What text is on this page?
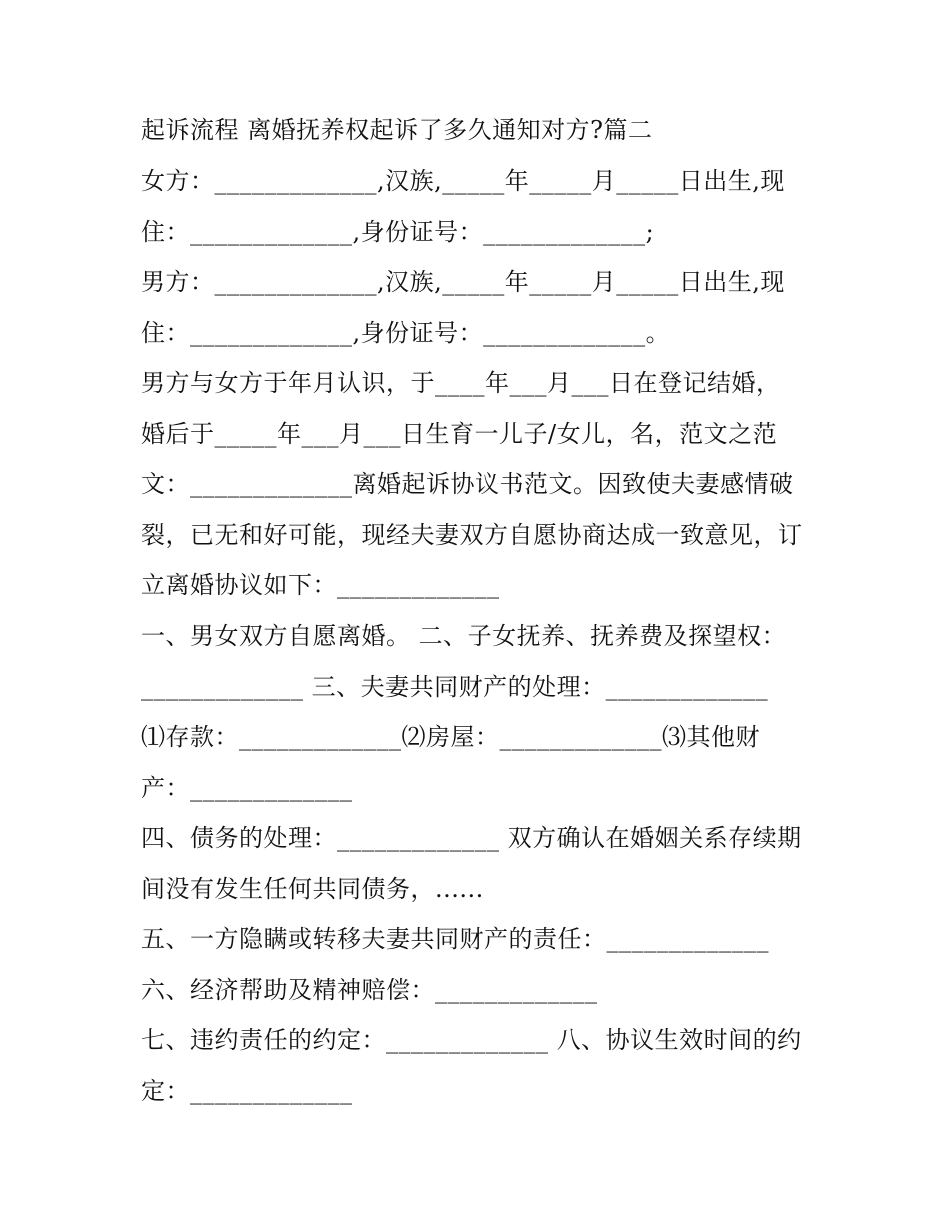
起诉流程 离婚抚养权起诉了多久通知对方?篇二
女方：_____________,汉族,_____年_____月_____日出生,现
住：_____________,身份证号：_____________;
男方：_____________,汉族,_____年_____月_____日出生,现
住：_____________,身份证号：_____________。
男方与女方于年月认识，于____年___月___日在登记结婚，
婚后于_____年___月___日生育一儿子/女儿，名，范文之范
文：_____________离婚起诉协议书范文。因致使夫妻感情破
裂，已无和好可能，现经夫妻双方自愿协商达成一致意见，订
立离婚协议如下：_____________
一、男女双方自愿离婚。 二、子女抚养、抚养费及探望权：
_____________ 三、夫妻共同财产的处理：_____________
⑴存款：_____________⑵房屋：_____________⑶其他财
产：_____________
四、债务的处理：_____________ 双方确认在婚姻关系存续期
间没有发生任何共同债务，......
五、一方隐瞒或转移夫妻共同财产的责任：_____________
六、经济帮助及精神赔偿：_____________
七、违约责任的约定：_____________ 八、协议生效时间的约
定：_____________
